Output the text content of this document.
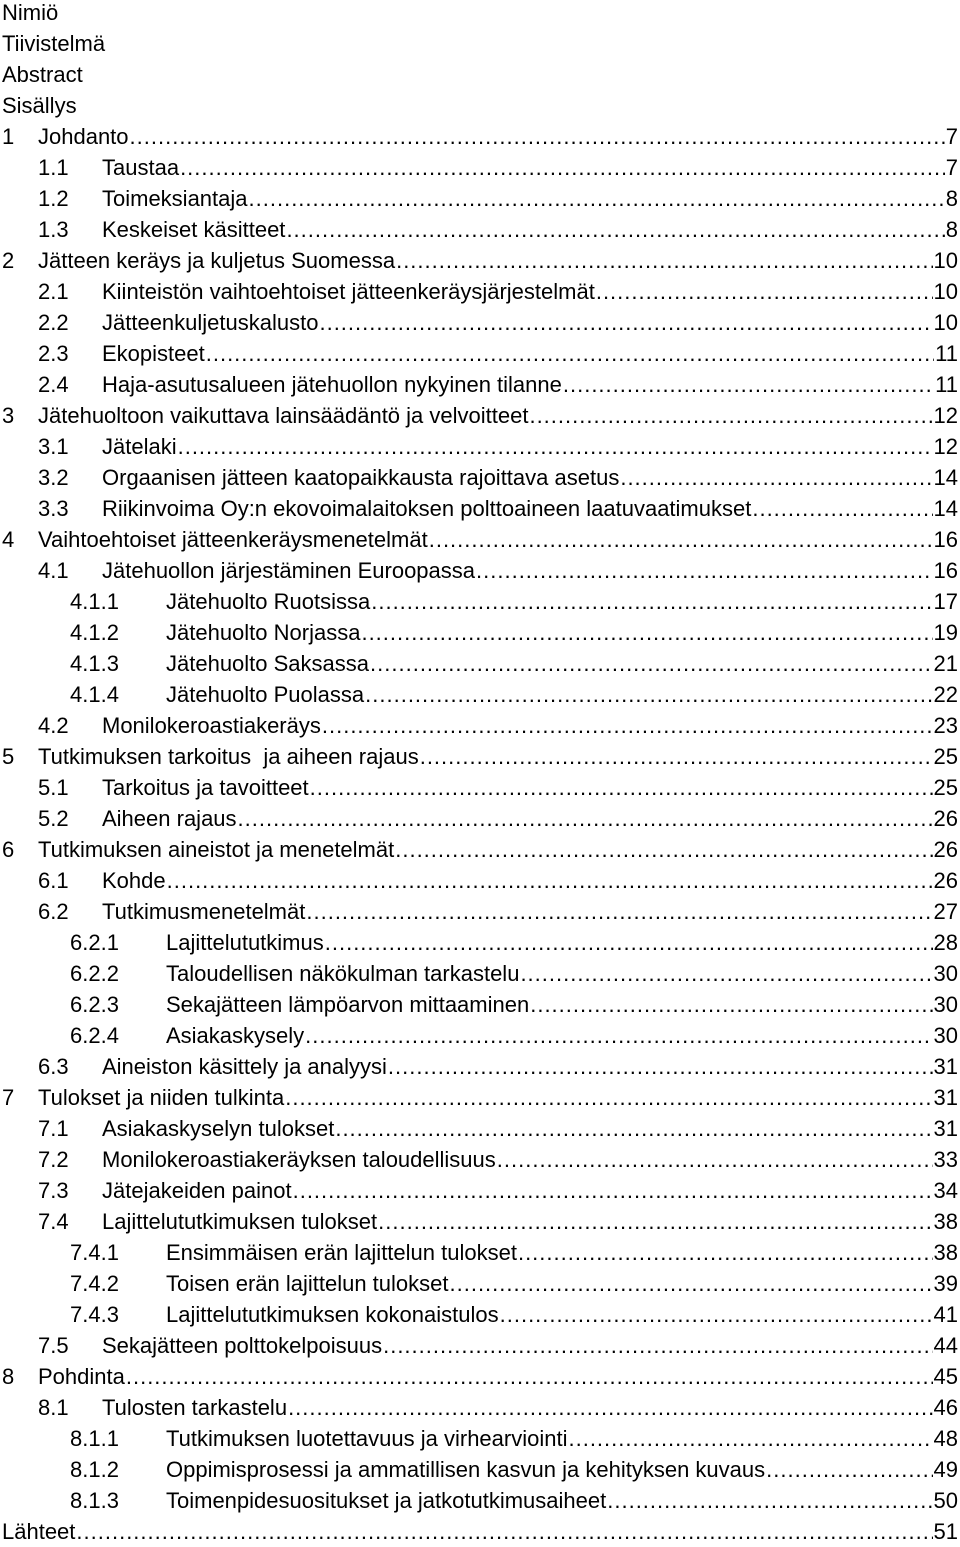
Nimiö
Tiivistelmä
Abstract
Sisällys
1 Johdanto .....	7
1.1 Taustaa .....	7
1.2 Toimeksiantaja .....	8
1.3 Keskeiset käsitteet .....	8
2 Jätteen keräys ja kuljetus Suomessa .....	10
2.1 Kiinteistön vaihtoehtoiset jätteenkeräysjärjestelmät .....	10
2.2 Jätteenkuljetuskalusto .....	10
2.3 Ekopisteet .....	11
2.4 Haja-asutusalueen jätehuollon nykyinen tilanne .....	11
3 Jätehuoltoon vaikuttava lainsäädäntö ja velvoitteet .....	12
3.1 Jätelaki .....	12
3.2 Orgaanisen jätteen kaatopaikkausta rajoittava asetus .....	14
3.3 Riikinvoima Oy:n ekovoimalaitoksen polttoaineen laatuvaatimukset .....	14
4 Vaihtoehtoiset jätteenkeräysmenetelmät .....	16
4.1 Jätehuollon järjestäminen Euroopassa .....	16
4.1.1 Jätehuolto Ruotsissa .....	17
4.1.2 Jätehuolto Norjassa .....	19
4.1.3 Jätehuolto Saksassa .....	21
4.1.4 Jätehuolto Puolassa .....	22
4.2 Monilokeroastiakeräys .....	23
5 Tutkimuksen tarkoitus  ja aiheen rajaus .....	25
5.1 Tarkoitus ja tavoitteet .....	25
5.2 Aiheen rajaus .....	26
6 Tutkimuksen aineistot ja menetelmät .....	26
6.1 Kohde .....	26
6.2 Tutkimusmenetelmät .....	27
6.2.1 Lajittelututkimus .....	28
6.2.2 Taloudellisen näkökulman tarkastelu .....	30
6.2.3 Sekajätteen lämpöarvon mittaaminen .....	30
6.2.4 Asiakaskysely .....	30
6.3 Aineiston käsittely ja analyysi .....	31
7 Tulokset ja niiden tulkinta .....	31
7.1 Asiakaskyselyn tulokset .....	31
7.2 Monilokeroastiakeräyksen taloudellisuus .....	33
7.3 Jätejakeiden painot .....	34
7.4 Lajittelututkimuksen tulokset .....	38
7.4.1 Ensimmäisen erän lajittelun tulokset .....	38
7.4.2 Toisen erän lajittelun tulokset .....	39
7.4.3 Lajittelututkimuksen kokonaistulos .....	41
7.5 Sekajätteen polttokelpoisuus .....	44
8 Pohdinta .....	45
8.1 Tulosten tarkastelu .....	46
8.1.1 Tutkimuksen luotettavuus ja virhearviointi .....	48
8.1.2 Oppimisprosessi ja ammatillisen kasvun ja kehityksen kuvaus .....	49
8.1.3 Toimenpidesuositukset ja jatkotutkimusaiheet .....	50
Lähteet .....	51
